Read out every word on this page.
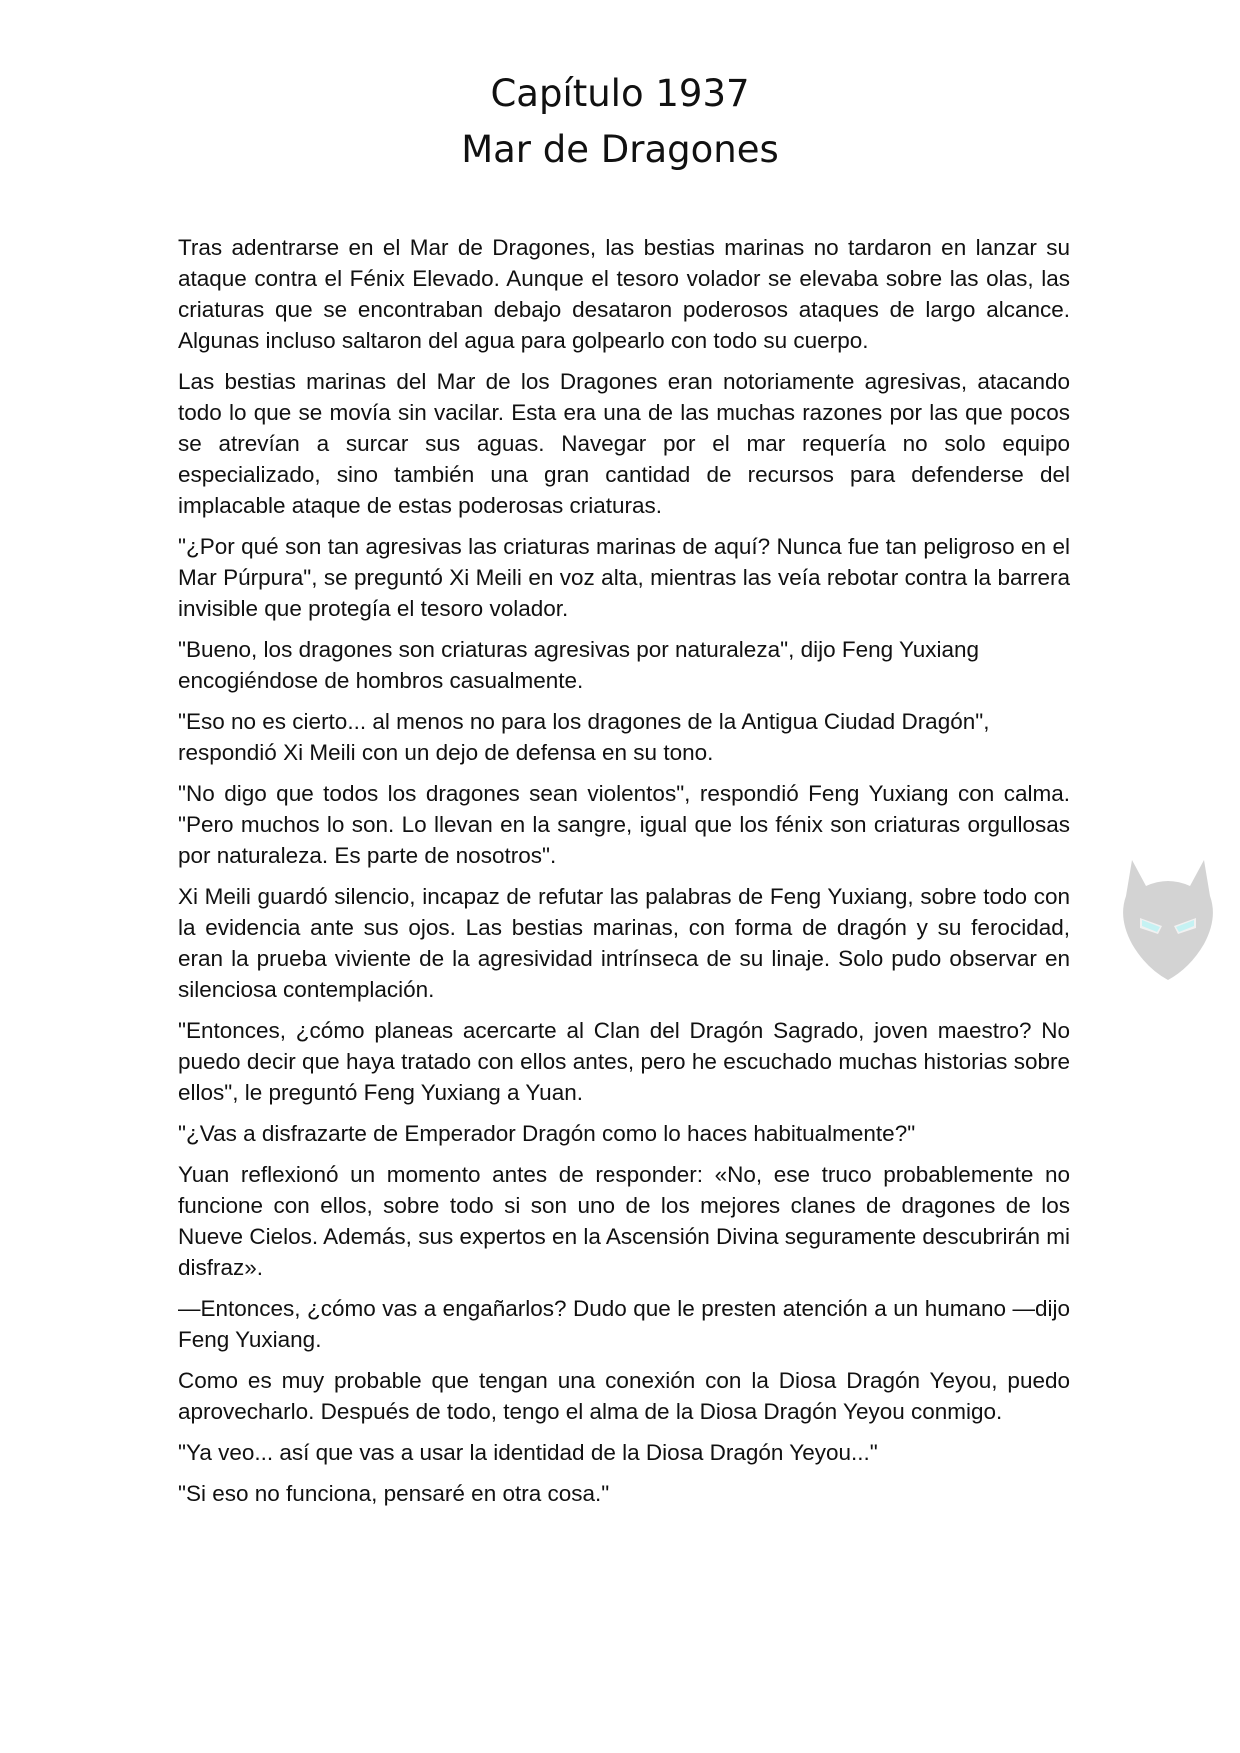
Capítulo 1937
Mar de Dragones

Tras adentrarse en el Mar de Dragones, las bestias marinas no tardaron en lanzar su ataque contra el Fénix Elevado. Aunque el tesoro volador se elevaba sobre las olas, las criaturas que se encontraban debajo desataron poderosos ataques de largo alcance. Algunas incluso saltaron del agua para golpearlo con todo su cuerpo.

Las bestias marinas del Mar de los Dragones eran notoriamente agresivas, atacando todo lo que se movía sin vacilar. Esta era una de las muchas razones por las que pocos se atrevían a surcar sus aguas. Navegar por el mar requería no solo equipo especializado, sino también una gran cantidad de recursos para defenderse del implacable ataque de estas poderosas criaturas.

"¿Por qué son tan agresivas las criaturas marinas de aquí? Nunca fue tan peligroso en el Mar Púrpura", se preguntó Xi Meili en voz alta, mientras las veía rebotar contra la barrera invisible que protegía el tesoro volador.

"Bueno, los dragones son criaturas agresivas por naturaleza", dijo Feng Yuxiang encogiéndose de hombros casualmente.

"Eso no es cierto... al menos no para los dragones de la Antigua Ciudad Dragón", respondió Xi Meili con un dejo de defensa en su tono.

"No digo que todos los dragones sean violentos", respondió Feng Yuxiang con calma. "Pero muchos lo son. Lo llevan en la sangre, igual que los fénix son criaturas orgullosas por naturaleza. Es parte de nosotros".

Xi Meili guardó silencio, incapaz de refutar las palabras de Feng Yuxiang, sobre todo con la evidencia ante sus ojos. Las bestias marinas, con forma de dragón y su ferocidad, eran la prueba viviente de la agresividad intrínseca de su linaje. Solo pudo observar en silenciosa contemplación.

"Entonces, ¿cómo planeas acercarte al Clan del Dragón Sagrado, joven maestro? No puedo decir que haya tratado con ellos antes, pero he escuchado muchas historias sobre ellos", le preguntó Feng Yuxiang a Yuan.

"¿Vas a disfrazarte de Emperador Dragón como lo haces habitualmente?"

Yuan reflexionó un momento antes de responder: «No, ese truco probablemente no funcione con ellos, sobre todo si son uno de los mejores clanes de dragones de los Nueve Cielos. Además, sus expertos en la Ascensión Divina seguramente descubrirán mi disfraz».

—Entonces, ¿cómo vas a engañarlos? Dudo que le presten atención a un humano —dijo Feng Yuxiang.

Como es muy probable que tengan una conexión con la Diosa Dragón Yeyou, puedo aprovecharlo. Después de todo, tengo el alma de la Diosa Dragón Yeyou conmigo.

"Ya veo... así que vas a usar la identidad de la Diosa Dragón Yeyou..."

"Si eso no funciona, pensaré en otra cosa."
